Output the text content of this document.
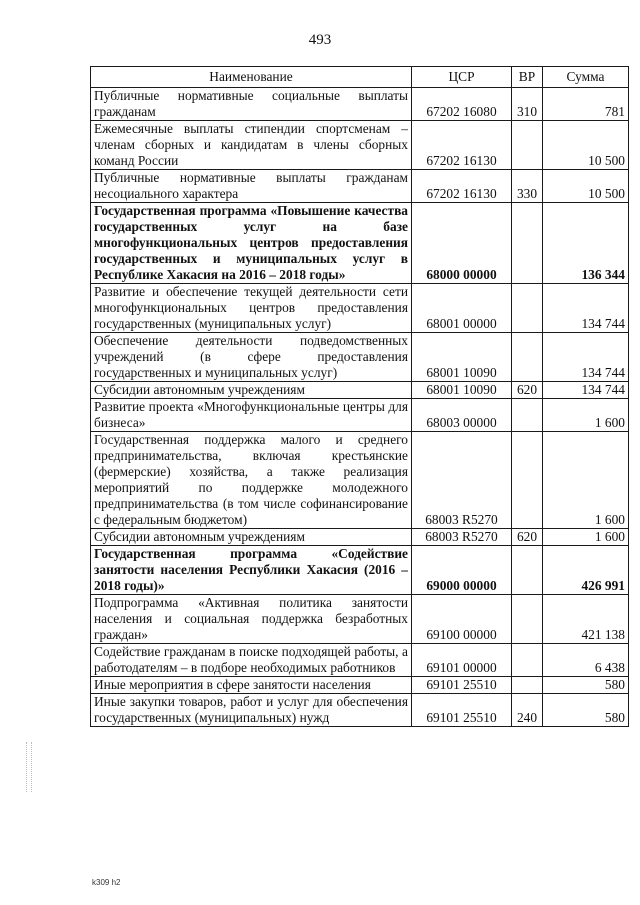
493
Наименование	ЦСР	ВР	Сумма
Публичные нормативные социальные выплаты гражданам	67202 16080	310	781
Ежемесячные выплаты стипендии спортсменам – членам сборных и кандидатам в члены сборных команд России	67202 16130		10 500
Публичные нормативные выплаты гражданам несоциального характера	67202 16130	330	10 500
Государственная программа «Повышение качества государственных услуг на базе многофункциональных центров предоставления государственных и муниципальных услуг в Республике Хакасия на 2016 – 2018 годы»	68000 00000		136 344
Развитие и обеспечение текущей деятельности сети многофункциональных центров предоставления государственных (муниципальных услуг)	68001 00000		134 744
Обеспечение деятельности подведомственных учреждений (в сфере предоставления государственных и муниципальных услуг)	68001 10090		134 744
Субсидии автономным учреждениям	68001 10090	620	134 744
Развитие проекта «Многофункциональные центры для бизнеса»	68003 00000		1 600
Государственная поддержка малого и среднего предпринимательства, включая крестьянские (фермерские) хозяйства, а также реализация мероприятий по поддержке молодежного предпринимательства (в том числе софинансирование с федеральным бюджетом)	68003 R5270		1 600
Субсидии автономным учреждениям	68003 R5270	620	1 600
Государственная программа «Содействие занятости населения Республики Хакасия (2016 – 2018 годы)»	69000 00000		426 991
Подпрограмма «Активная политика занятости населения и социальная поддержка безработных граждан»	69100 00000		421 138
Содействие гражданам в поиске подходящей работы, а работодателям – в подборе необходимых работников	69101 00000		6 438
Иные мероприятия в сфере занятости населения	69101 25510		580
Иные закупки товаров, работ и услуг для обеспечения государственных (муниципальных) нужд	69101 25510	240	580
k309 h2
